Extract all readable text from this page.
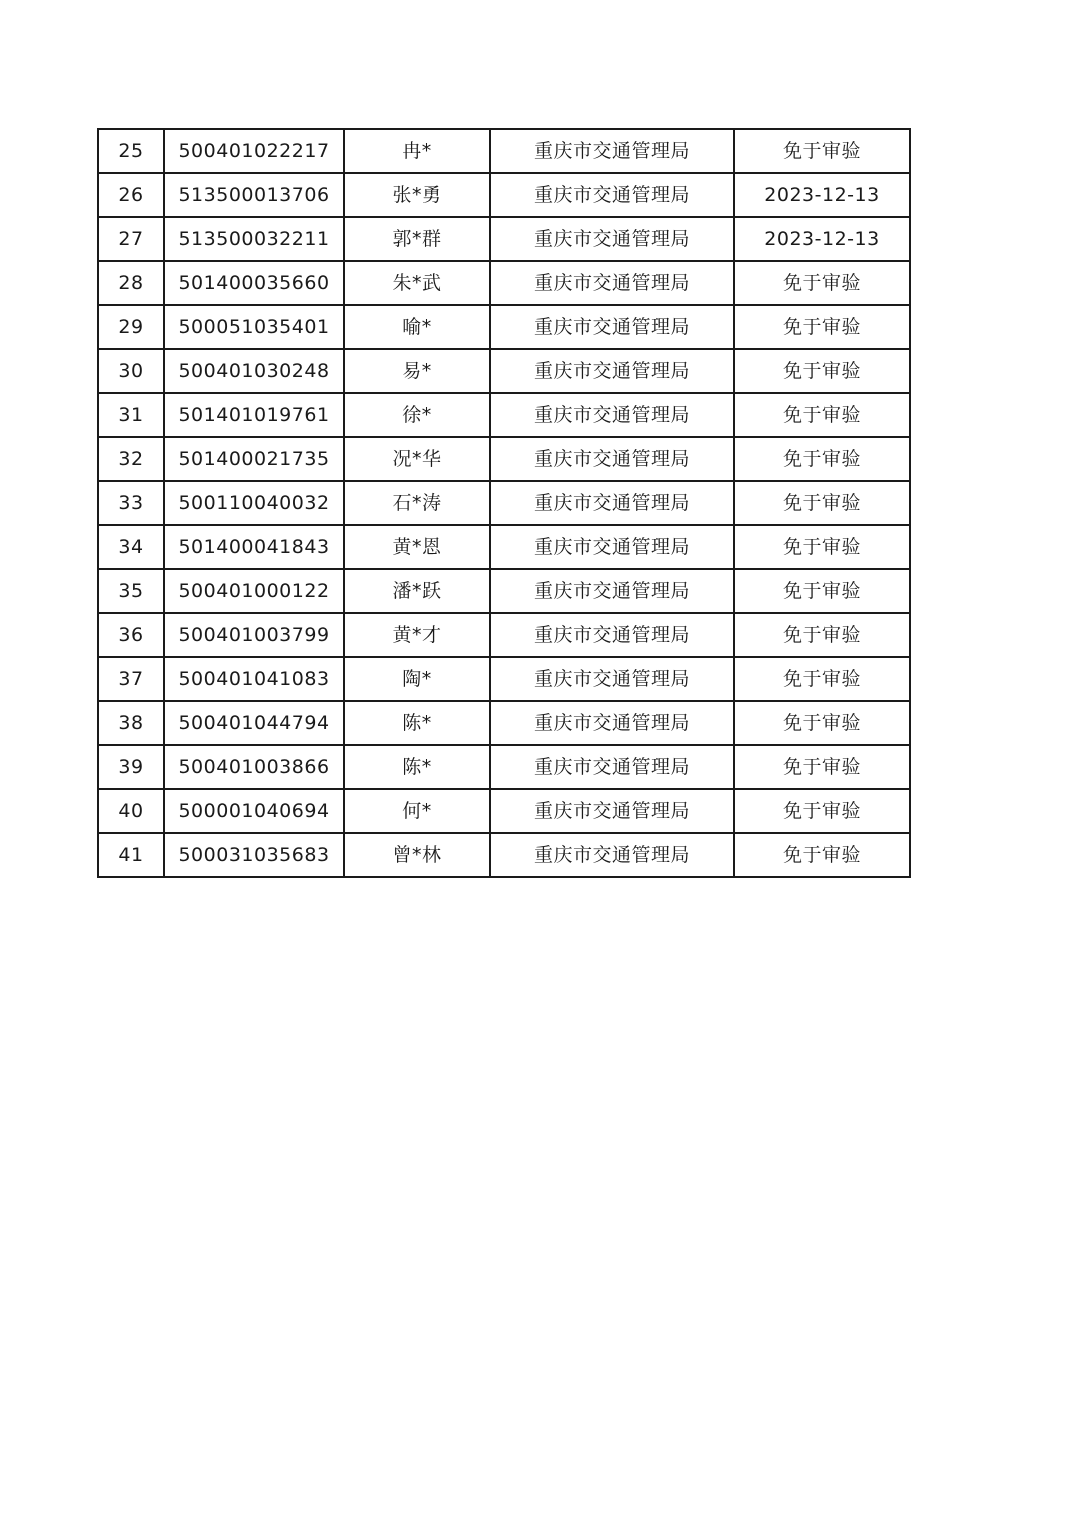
25	500401022217	冉*	重庆市交通管理局	免于审验
26	513500013706	张*勇	重庆市交通管理局	2023-12-13
27	513500032211	郭*群	重庆市交通管理局	2023-12-13
28	501400035660	朱*武	重庆市交通管理局	免于审验
29	500051035401	喻*	重庆市交通管理局	免于审验
30	500401030248	易*	重庆市交通管理局	免于审验
31	501401019761	徐*	重庆市交通管理局	免于审验
32	501400021735	况*华	重庆市交通管理局	免于审验
33	500110040032	石*涛	重庆市交通管理局	免于审验
34	501400041843	黄*恩	重庆市交通管理局	免于审验
35	500401000122	潘*跃	重庆市交通管理局	免于审验
36	500401003799	黄*才	重庆市交通管理局	免于审验
37	500401041083	陶*	重庆市交通管理局	免于审验
38	500401044794	陈*	重庆市交通管理局	免于审验
39	500401003866	陈*	重庆市交通管理局	免于审验
40	500001040694	何*	重庆市交通管理局	免于审验
41	500031035683	曾*林	重庆市交通管理局	免于审验
